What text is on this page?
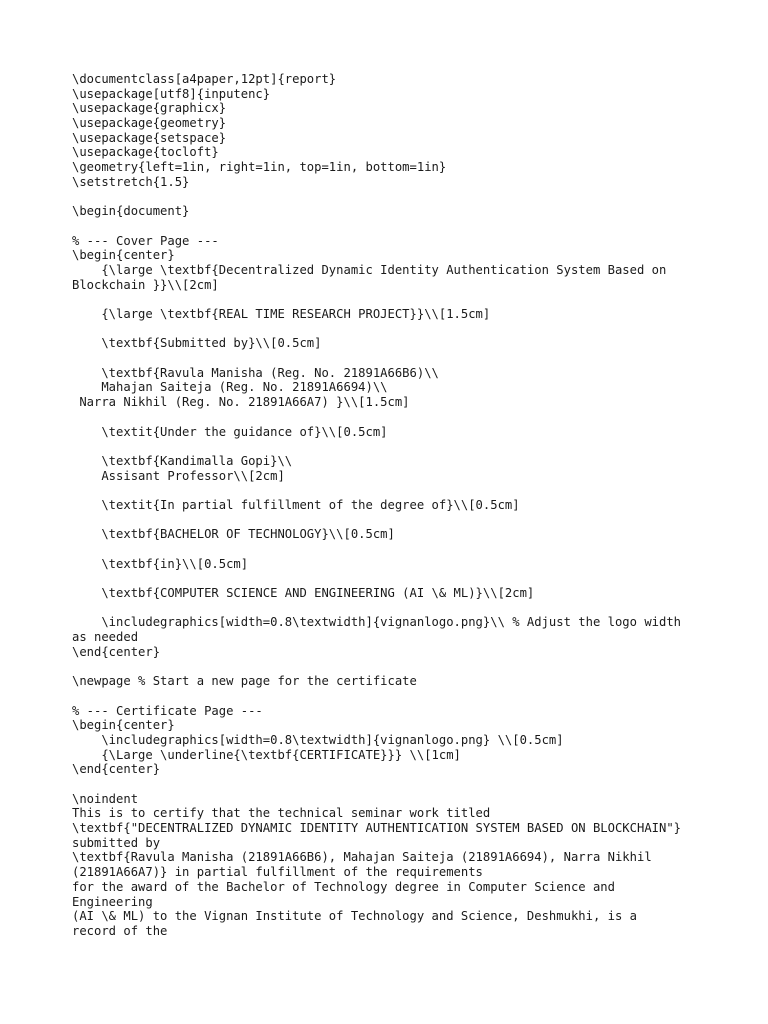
\documentclass[a4paper,12pt]{report}
\usepackage[utf8]{inputenc}
\usepackage{graphicx}
\usepackage{geometry}
\usepackage{setspace}
\usepackage{tocloft}
\geometry{left=1in, right=1in, top=1in, bottom=1in}
\setstretch{1.5}
\begin{document}
% --- Cover Page ---
\begin{center}
{\large \textbf{Decentralized Dynamic Identity Authentication System Based on
Blockchain }}\\[2cm]
{\large \textbf{REAL TIME RESEARCH PROJECT}}\\[1.5cm]
\textbf{Submitted by}\\[0.5cm]
\textbf{Ravula Manisha (Reg. No. 21891A66B6)\\
Mahajan Saiteja (Reg. No. 21891A6694)\\
Narra Nikhil (Reg. No. 21891A66A7) }\\[1.5cm]
\textit{Under the guidance of}\\[0.5cm]
\textbf{Kandimalla Gopi}\\
Assisant Professor\\[2cm]
\textit{In partial fulfillment of the degree of}\\[0.5cm]
\textbf{BACHELOR OF TECHNOLOGY}\\[0.5cm]
\textbf{in}\\[0.5cm]
\textbf{COMPUTER SCIENCE AND ENGINEERING (AI \& ML)}\\[2cm]
\includegraphics[width=0.8\textwidth]{vignanlogo.png}\\ % Adjust the logo width
as needed
\end{center}
\newpage % Start a new page for the certificate
% --- Certificate Page ---
\begin{center}
\includegraphics[width=0.8\textwidth]{vignanlogo.png} \\[0.5cm]
{\Large \underline{\textbf{CERTIFICATE}}} \\[1cm]
\end{center}
\noindent
This is to certify that the technical seminar work titled
\textbf{"DECENTRALIZED DYNAMIC IDENTITY AUTHENTICATION SYSTEM BASED ON BLOCKCHAIN"}
submitted by
\textbf{Ravula Manisha (21891A66B6), Mahajan Saiteja (21891A6694), Narra Nikhil
(21891A66A7)} in partial fulfillment of the requirements
for the award of the Bachelor of Technology degree in Computer Science and
Engineering
(AI \& ML) to the Vignan Institute of Technology and Science, Deshmukhi, is a
record of the
